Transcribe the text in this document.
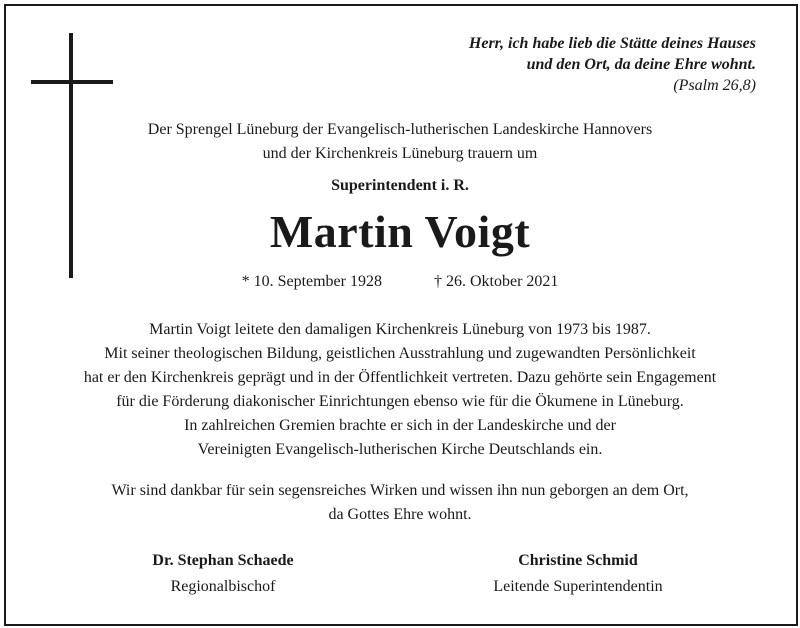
Herr, ich habe lieb die Stätte deines Hauses
und den Ort, da deine Ehre wohnt.
(Psalm 26,8)
Der Sprengel Lüneburg der Evangelisch-lutherischen Landeskirche Hannovers
und der Kirchenkreis Lüneburg trauern um
Superintendent i. R.
Martin Voigt
* 10. September 1928	† 26. Oktober 2021
Martin Voigt leitete den damaligen Kirchenkreis Lüneburg von 1973 bis 1987.
Mit seiner theologischen Bildung, geistlichen Ausstrahlung und zugewandten Persönlichkeit
hat er den Kirchenkreis geprägt und in der Öffentlichkeit vertreten. Dazu gehörte sein Engagement
für die Förderung diakonischer Einrichtungen ebenso wie für die Ökumene in Lüneburg.
In zahlreichen Gremien brachte er sich in der Landeskirche und der
Vereinigten Evangelisch-lutherischen Kirche Deutschlands ein.
Wir sind dankbar für sein segensreiches Wirken und wissen ihn nun geborgen an dem Ort,
da Gottes Ehre wohnt.
Dr. Stephan Schaede
Regionalbischof
Christine Schmid
Leitende Superintendentin
